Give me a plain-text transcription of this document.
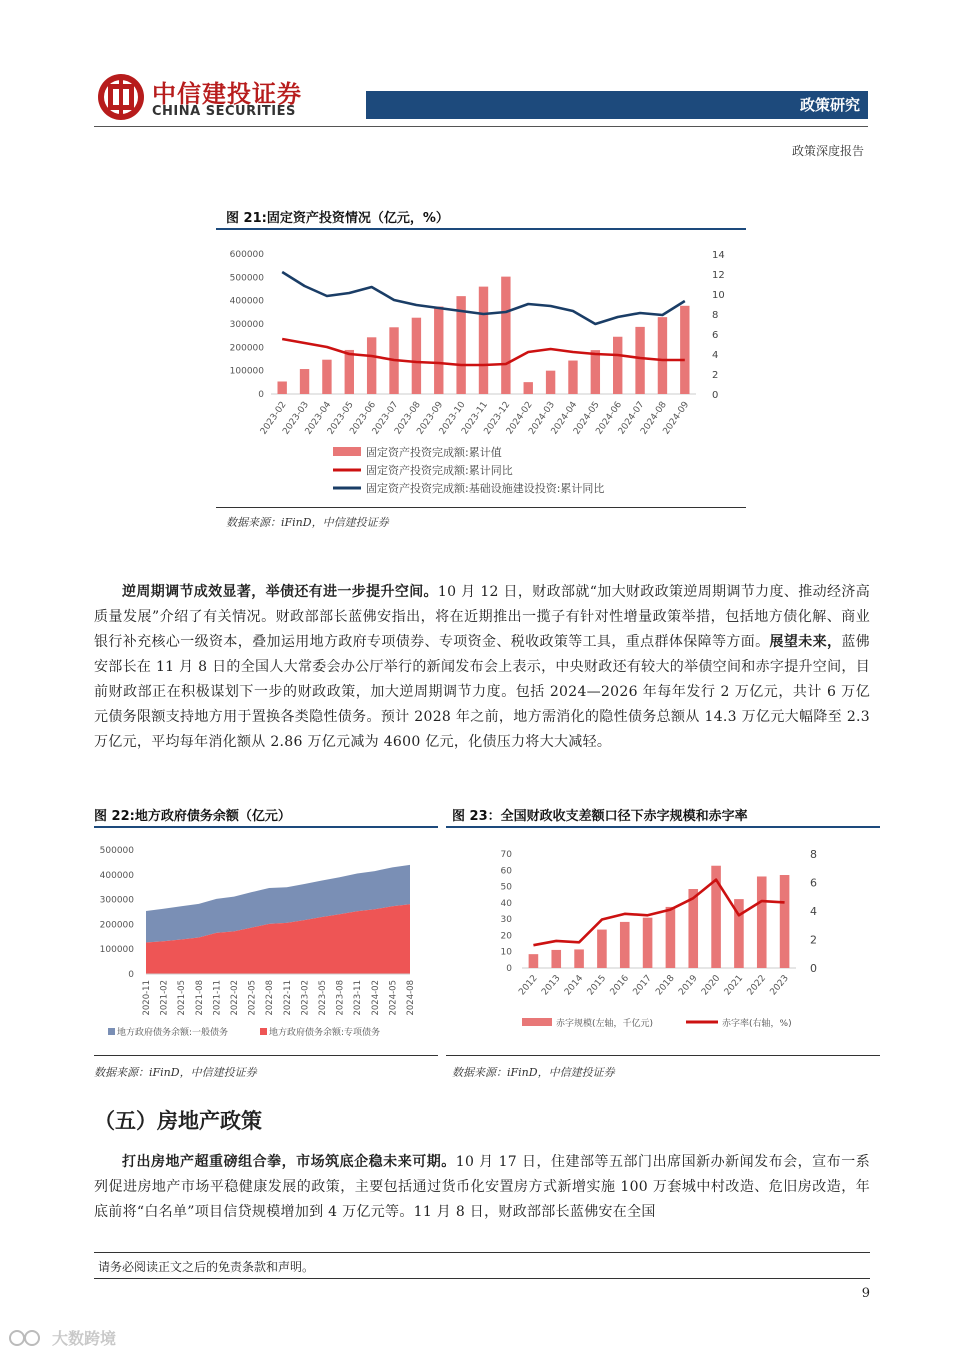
中信建投证券
CHINA SECURITIES	政策研究
政策深度报告
图 21:固定资产投资情况（亿元，%）
600000
500000
400000
300000
200000
100000
0
14
12
10
8
6
4
2
0
2023-02
2023-03
2023-04
2023-05
2023-06
2023-07
2023-08
2023-09
2023-10
2023-11
2023-12
2024-02
2024-03
2024-04
2024-05
2024-06
2024-07
2024-08
2024-09
固定资产投资完成额:累计值
固定资产投资完成额:累计同比
固定资产投资完成额:基础设施建设投资:累计同比
数据来源：iFinD，中信建投证券
逆周期调节成效显著，举债还有进一步提升空间。10 月 12 日，财政部就“加大财政政策逆周期调节力度、推动经济高质量发展”介绍了有关情况。财政部部长蓝佛安指出，将在近期推出一揽子有针对性增量政策举措，包括地方债化解、商业银行补充核心一级资本，叠加运用地方政府专项债券、专项资金、税收政策等工具，重点群体保障等方面。展望未来，蓝佛安部长在 11 月 8 日的全国人大常委会办公厅举行的新闻发布会上表示，中央财政还有较大的举债空间和赤字提升空间，目前财政部正在积极谋划下一步的财政政策，加大逆周期调节力度。包括 2024—2026 年每年发行 2 万亿元，共计 6 万亿元债务限额支持地方用于置换各类隐性债务。预计 2028 年之前，地方需消化的隐性债务总额从 14.3 万亿元大幅降至 2.3 万亿元，平均每年消化额从 2.86 万亿元减为 4600 亿元，化债压力将大大减轻。
图 22:地方政府债务余额（亿元）
500000
400000
300000
200000
100000
0
2020-11 2021-02 2021-05 2021-08 2021-11 2022-02 2022-05 2022-08 2022-11 2023-02 2023-05 2023-08 2023-11 2024-02 2024-05 2024-08
地方政府债务余额:一般债务	地方政府债务余额:专项债务
数据来源：iFinD，中信建投证券
图 23：全国财政收支差额口径下赤字规模和赤字率
70
60
50
40
30
20
10
0
8
6
4
2
0
2012 2013 2014 2015 2016 2017 2018 2019 2020 2021 2022 2023
赤字规模(左轴，千亿元)	赤字率(右轴，%)
数据来源：iFinD，中信建投证券
（五）房地产政策
打出房地产超重磅组合拳，市场筑底企稳未来可期。10 月 17 日，住建部等五部门出席国新办新闻发布会，宣布一系列促进房地产市场平稳健康发展的政策，主要包括通过货币化安置房方式新增实施 100 万套城中村改造、危旧房改造，年底前将“白名单”项目信贷规模增加到 4 万亿元等。11 月 8 日，财政部部长蓝佛安在全国
请务必阅读正文之后的免责条款和声明。
9
大数跨境
